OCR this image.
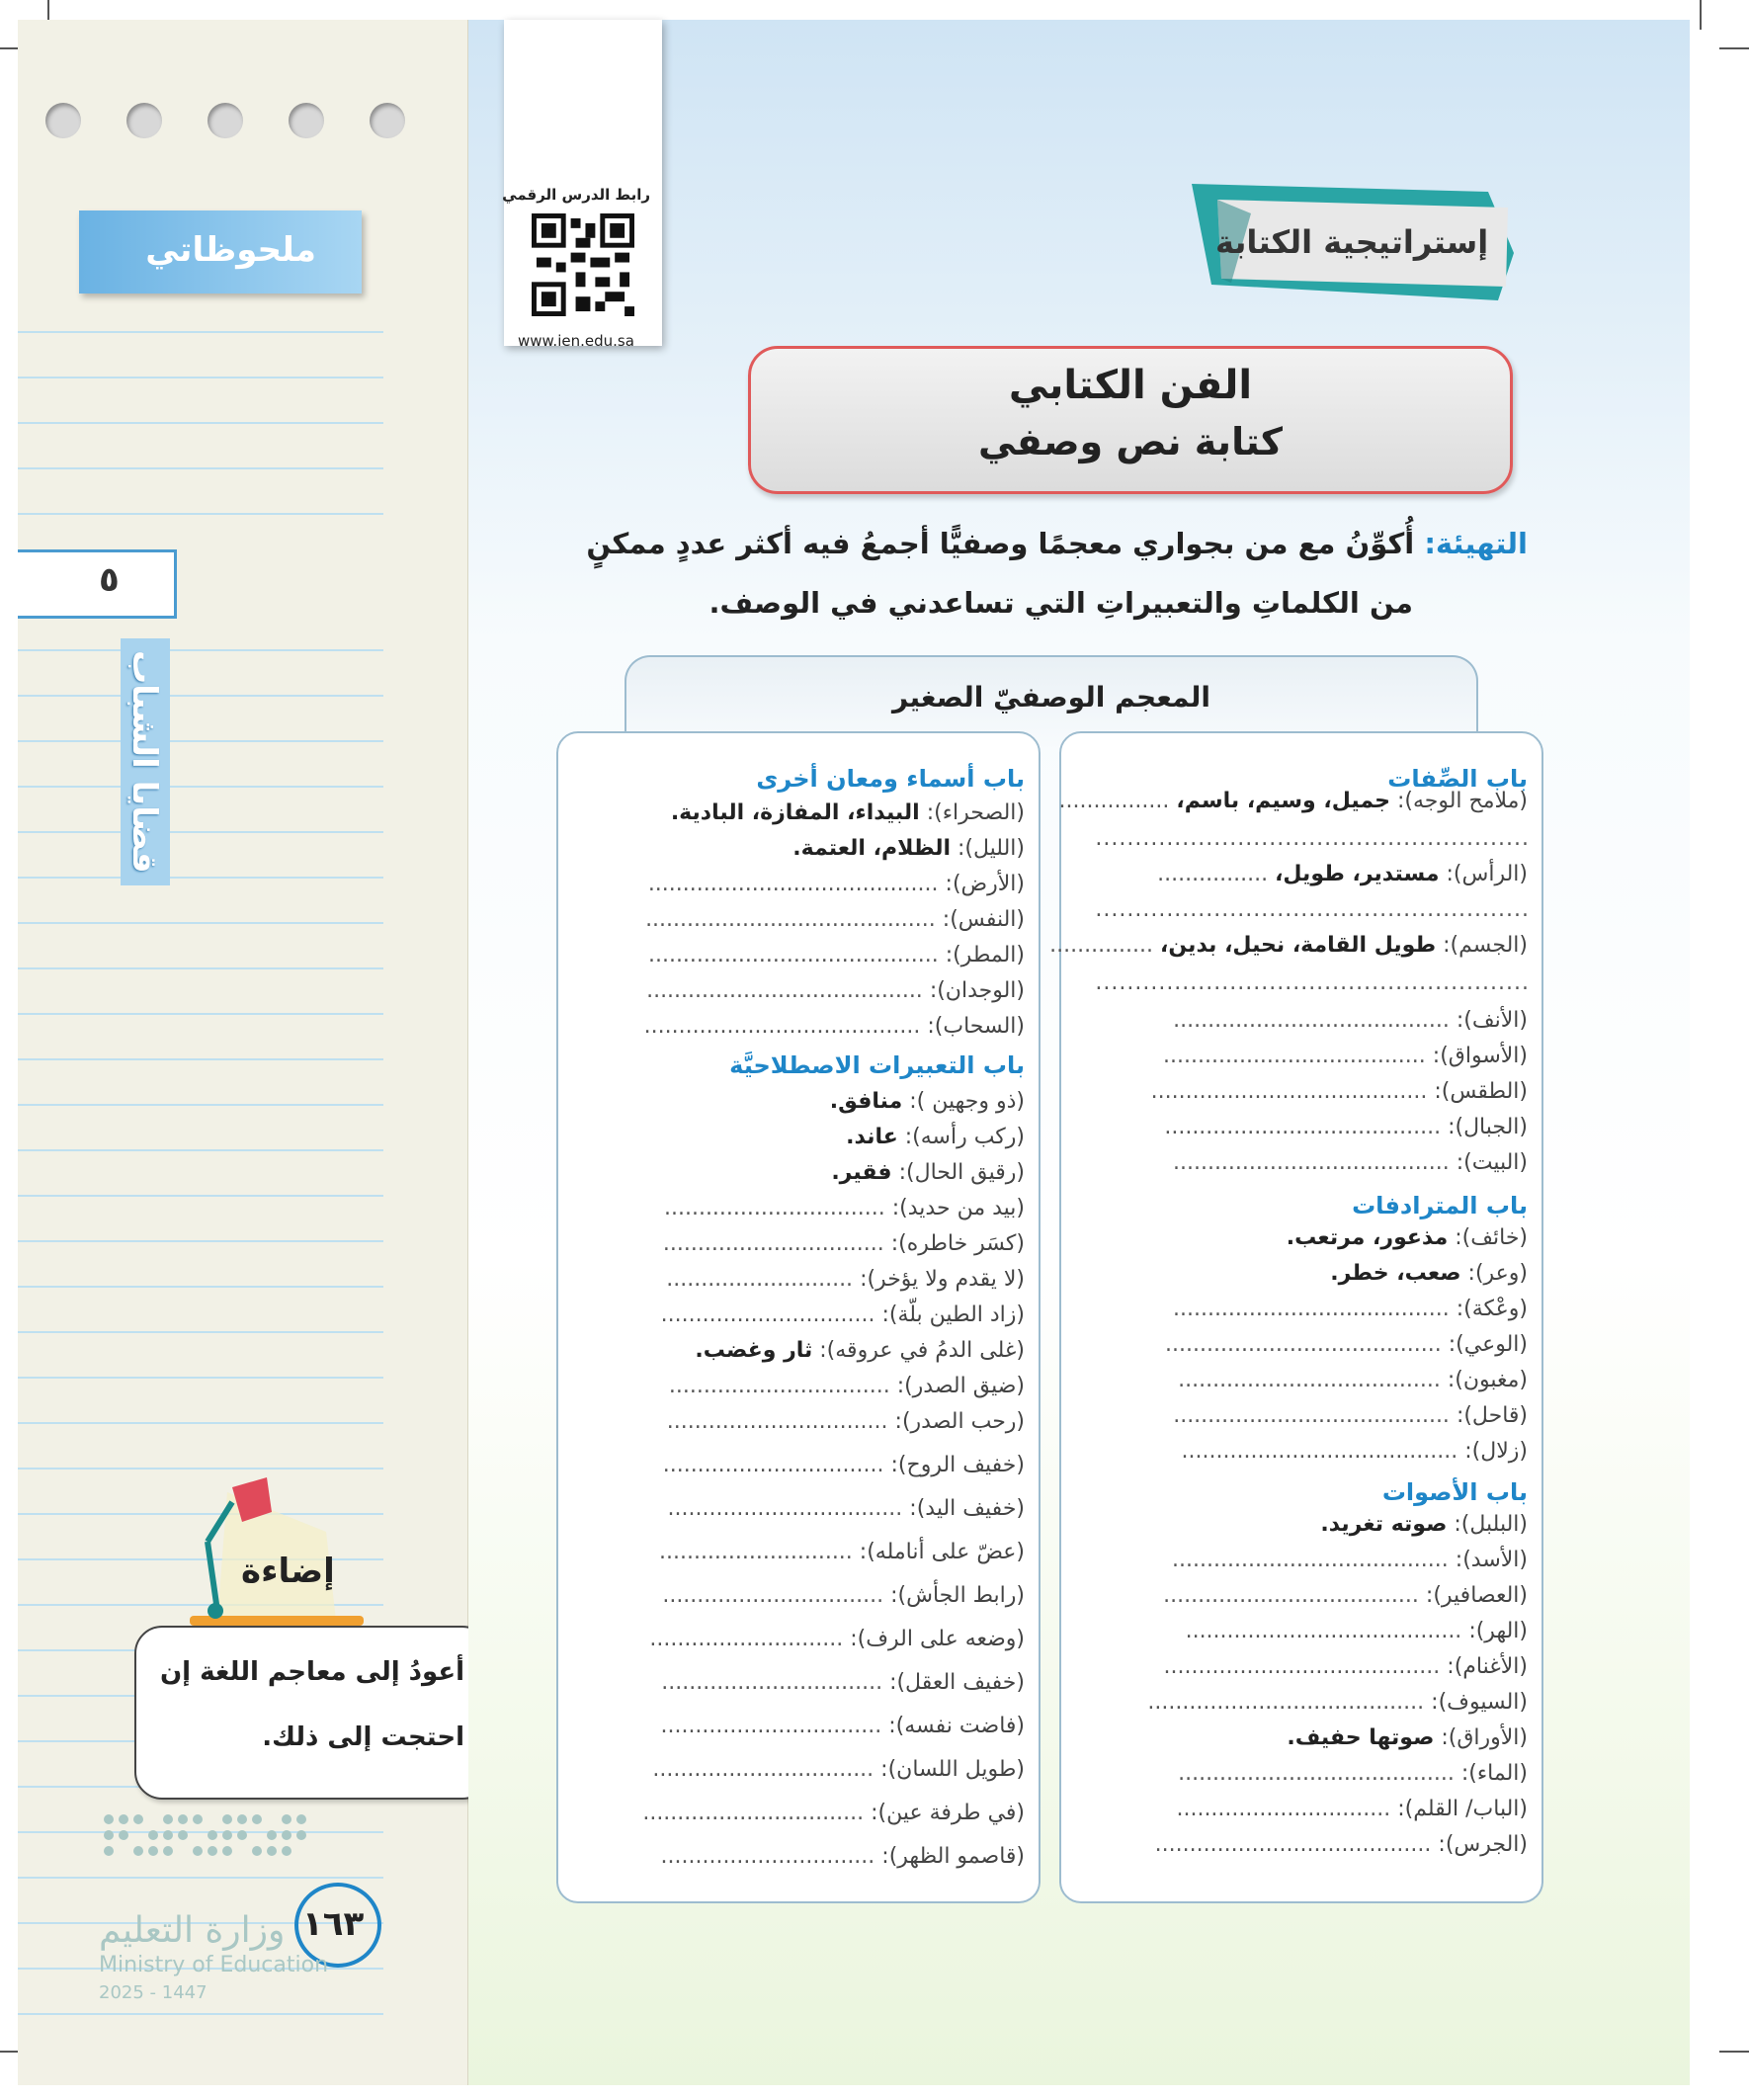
ملحوظاتي
٥
قضايا الشباب
إضاءة

أعودُ إلى معاجم اللغة إن

احتجت إلى ذلك.

وزارة التعليم ١٦٣
Ministry of Education
2025 - 1447
رابط الدرس الرقمي
www.ien.edu.sa
إستراتيجية الكتابة
الفن الكتابي
كتابة نص وصفي
التهيئة: أُكوِّنُ مع من بجواري معجمًا وصفيًّا أجمعُ فيه أكثر عددٍ ممكنٍ
من الكلماتِ والتعبيراتِ التي تساعدني في الوصف.
المعجم الوصفيّ الصغير
باب الصِّفات
(ملامح الوجه): جميل، وسيم، باسم، ................
(الرأس): مستدير، طويل، ................
(الجسم): طويل القامة، نحيل، بدين، ...............
(الأنف): ........................................
(الأسواق): ......................................
(الطقس): ........................................
(الجبال): ........................................
(البيت): ........................................
.......................................................
.......................................................
.......................................................
باب المترادفات
(خائف): مذعور، مرتعب.
(وعر): صعب، خطر.
(وعْكة): ........................................
(الوعي): ........................................
(مغبون): ......................................
(قاحل): ........................................
(زلال): ........................................
باب الأصوات
(البلبل): صوته تغريد.
(الأسد): ........................................
(العصافير): .....................................
(الهر): ........................................
(الأغنام): ........................................
(السيوف): ........................................
(الأوراق): صوتها حفيف.
(الماء): ........................................
(الباب/ القلم): ...............................
(الجرس): ........................................
باب أسماء ومعان أخرى
(الصحراء): البيداء، المفازة، البادية.
(الليل): الظلام، العتمة.
(الأرض): ..........................................
(النفس): ..........................................
(المطر): ..........................................
(الوجدان): ........................................
(السحاب): ........................................
باب التعبيرات الاصطلاحيَّة
(ذو وجهين ): منافق.
(ركب رأسه): عاند.
(رقيق الحال): فقير.
(بيد من حديد): ................................
(كسَر خاطره): ................................
(لا يقدم ولا يؤخر): ...........................
(زاد الطين بلّة): ...............................
(غلى الدمُ في عروقه): ثار وغضب.
(ضيق الصدر): ................................
(رحب الصدر): ................................
(خفيف الروح): ................................
(خفيف اليد): ..................................
(عضّ على أنامله): ............................
(رابط الجأش): ................................
(وضعه على الرف): ............................
(خفيف العقل): ................................
(فاضت نفسه): ................................
(طويل اللسان): ................................
(في طرفة عين): ................................
(قاصمو الظهر): ...............................
